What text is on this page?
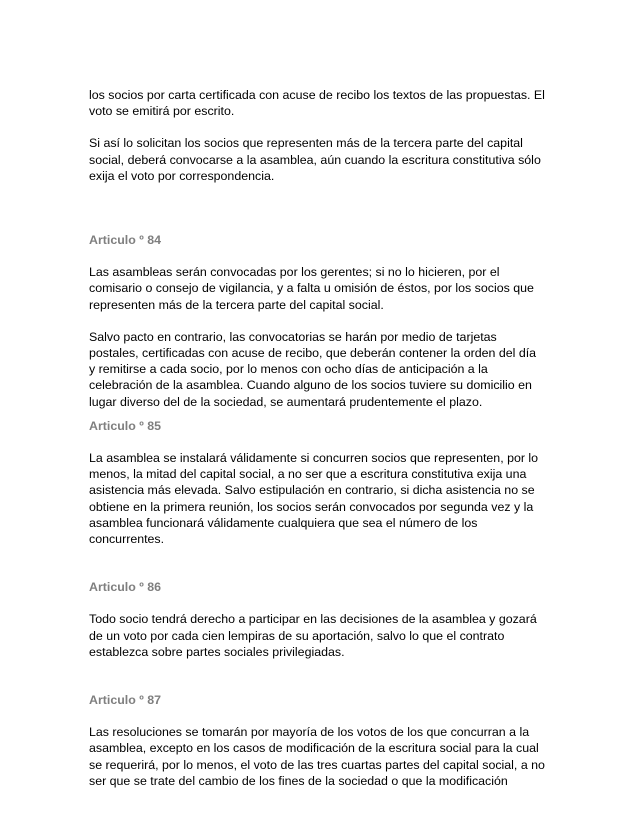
los socios por carta certificada con acuse de recibo los textos de las propuestas. El
voto se emitirá por escrito.

Si así lo solicitan los socios que representen más de la tercera parte del capital
social, deberá convocarse a la asamblea, aún cuando la escritura constitutiva sólo
exija el voto por correspondencia.

Articulo º 84

Las asambleas serán convocadas por los gerentes; si no lo hicieren, por el
comisario o consejo de vigilancia, y a falta u omisión de éstos, por los socios que
representen más de la tercera parte del capital social.

Salvo pacto en contrario, las convocatorias se harán por medio de tarjetas
postales, certificadas con acuse de recibo, que deberán contener la orden del día
y remitirse a cada socio, por lo menos con ocho días de anticipación a la
celebración de la asamblea. Cuando alguno de los socios tuviere su domicilio en
lugar diverso del de la sociedad, se aumentará prudentemente el plazo.

Articulo º 85

La asamblea se instalará válidamente si concurren socios que representen, por lo
menos, la mitad del capital social, a no ser que a escritura constitutiva exija una
asistencia más elevada. Salvo estipulación en contrario, si dicha asistencia no se
obtiene en la primera reunión, los socios serán convocados por segunda vez y la
asamblea funcionará válidamente cualquiera que sea el número de los
concurrentes.

Articulo º 86

Todo socio tendrá derecho a participar en las decisiones de la asamblea y gozará
de un voto por cada cien lempiras de su aportación, salvo lo que el contrato
establezca sobre partes sociales privilegiadas.

Articulo º 87

Las resoluciones se tomarán por mayoría de los votos de los que concurran a la
asamblea, excepto en los casos de modificación de la escritura social para la cual
se requerirá, por lo menos, el voto de las tres cuartas partes del capital social, a no
ser que se trate del cambio de los fines de la sociedad o que la modificación
